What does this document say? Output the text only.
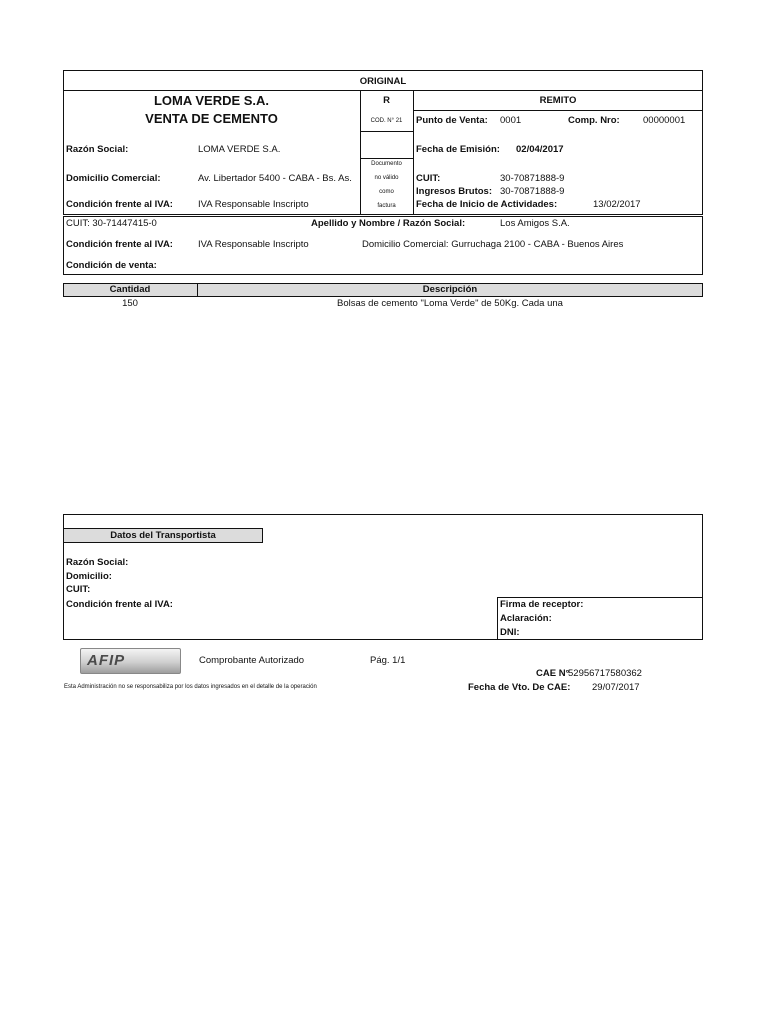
ORIGINAL
LOMA VERDE S.A.
VENTA DE CEMENTO
R
COD. N° 21
REMITO
Documento
no válido
como
factura
Razón Social:	LOMA VERDE S.A.
Domicilio Comercial:	Av. Libertador 5400 - CABA - Bs. As.
Condición frente al IVA:	IVA Responsable Inscripto
Punto de Venta: 0001	Comp. Nro: 00000001
Fecha de Emisión: 02/04/2017
CUIT:	30-70871888-9
Ingresos Brutos: 30-70871888-9
Fecha de Inicio de Actividades:	13/02/2017
CUIT: 30-71447415-0	Apellido y Nombre / Razón Social:	Los Amigos S.A.
Condición frente al IVA:	IVA Responsable Inscripto	Domicilio Comercial: Gurruchaga 2100 - CABA - Buenos Aires
Condición de venta:
Cantidad	Descripción
150	Bolsas de cemento "Loma Verde" de 50Kg. Cada una
Datos del Transportista
Razón Social:
Domicilio:
CUIT:
Condición frente al IVA:	Firma de receptor:
Aclaración:
DNI:
AFIP	Comprobante Autorizado	Pág. 1/1
CAE N°
52956717580362
Fecha de Vto. De CAE: 29/07/2017
Esta Administración no se responsabiliza por los datos ingresados en el detalle de la operación
